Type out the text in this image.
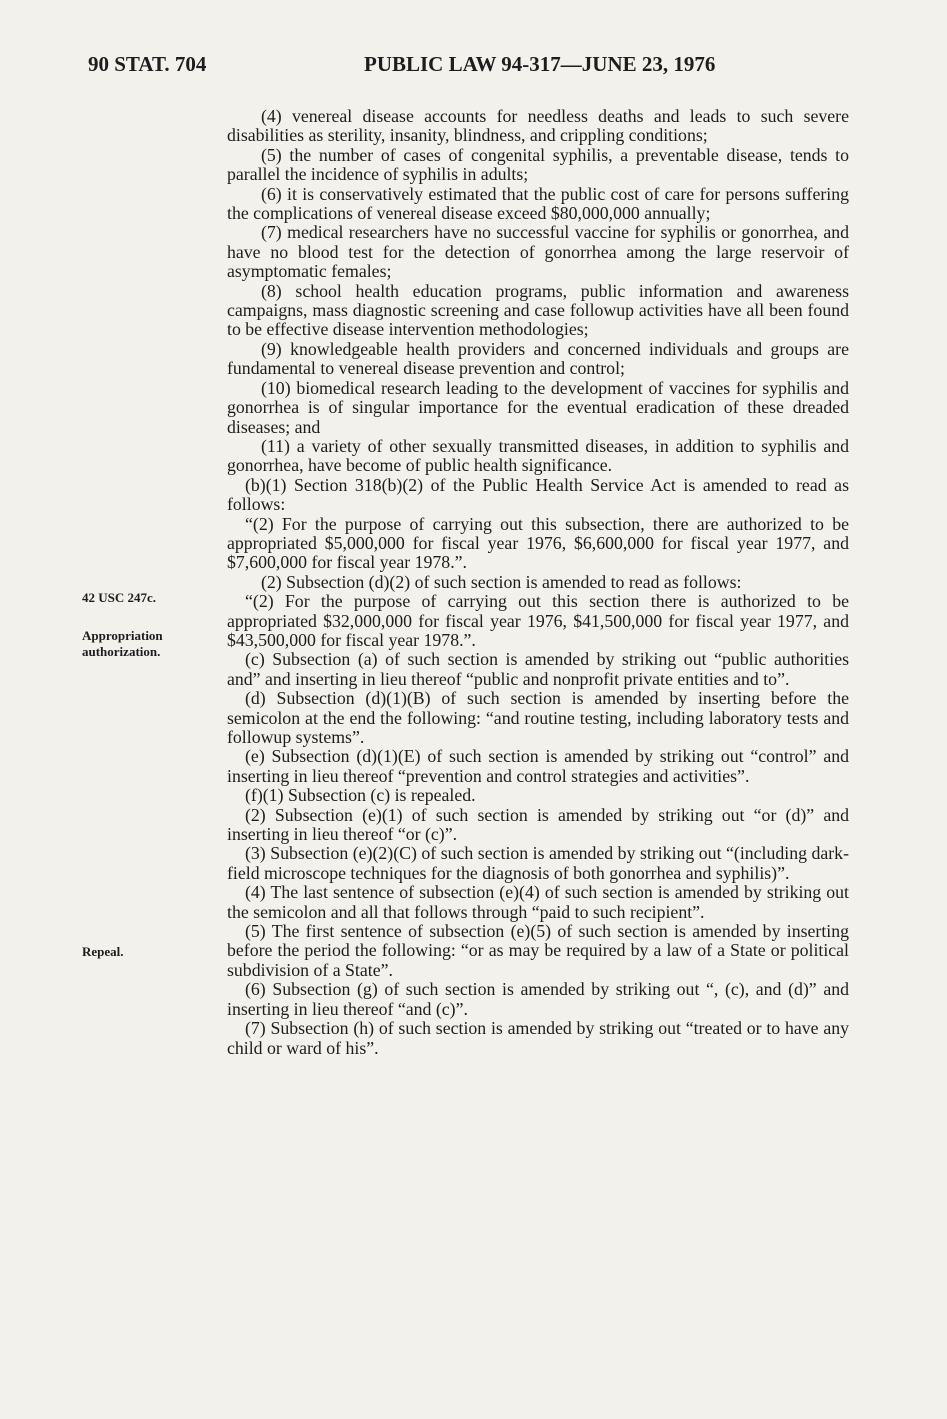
90 STAT. 704	PUBLIC LAW 94-317—JUNE 23, 1976
42 USC 247c.
Appropriation
authorization.
Repeal.

(4) venereal disease accounts for needless deaths and leads to such severe disabilities as sterility, insanity, blindness, and crippling conditions;

(5) the number of cases of congenital syphilis, a preventable disease, tends to parallel the incidence of syphilis in adults;

(6) it is conservatively estimated that the public cost of care for persons suffering the complications of venereal disease exceed $80,000,000 annually;

(7) medical researchers have no successful vaccine for syphilis or gonorrhea, and have no blood test for the detection of gonorrhea among the large reservoir of asymptomatic females;

(8) school health education programs, public information and awareness campaigns, mass diagnostic screening and case followup activities have all been found to be effective disease intervention methodologies;

(9) knowledgeable health providers and concerned individuals and groups are fundamental to venereal disease prevention and control;

(10) biomedical research leading to the development of vaccines for syphilis and gonorrhea is of singular importance for the eventual eradication of these dreaded diseases; and

(11) a variety of other sexually transmitted diseases, in addition to syphilis and gonorrhea, have become of public health significance.

(b)(1) Section 318(b)(2) of the Public Health Service Act is amended to read as follows:

“(2) For the purpose of carrying out this subsection, there are authorized to be appropriated $5,000,000 for fiscal year 1976, $6,600,000 for fiscal year 1977, and $7,600,000 for fiscal year 1978.”.

(2) Subsection (d)(2) of such section is amended to read as follows:

“(2) For the purpose of carrying out this section there is authorized to be appropriated $32,000,000 for fiscal year 1976, $41,500,000 for fiscal year 1977, and $43,500,000 for fiscal year 1978.”.

(c) Subsection (a) of such section is amended by striking out “public authorities and” and inserting in lieu thereof “public and nonprofit private entities and to”.

(d) Subsection (d)(1)(B) of such section is amended by inserting before the semicolon at the end the following: “and routine testing, including laboratory tests and followup systems”.

(e) Subsection (d)(1)(E) of such section is amended by striking out “control” and inserting in lieu thereof “prevention and control strategies and activities”.

(f)(1) Subsection (c) is repealed.

(2) Subsection (e)(1) of such section is amended by striking out “or (d)” and inserting in lieu thereof “or (c)”.

(3) Subsection (e)(2)(C) of such section is amended by striking out “(including dark-field microscope techniques for the diagnosis of both gonorrhea and syphilis)”.

(4) The last sentence of subsection (e)(4) of such section is amended by striking out the semicolon and all that follows through “paid to such recipient”.

(5) The first sentence of subsection (e)(5) of such section is amended by inserting before the period the following: “or as may be required by a law of a State or political subdivision of a State”.

(6) Subsection (g) of such section is amended by striking out “, (c), and (d)” and inserting in lieu thereof “and (c)”.

(7) Subsection (h) of such section is amended by striking out “treated or to have any child or ward of his”.
